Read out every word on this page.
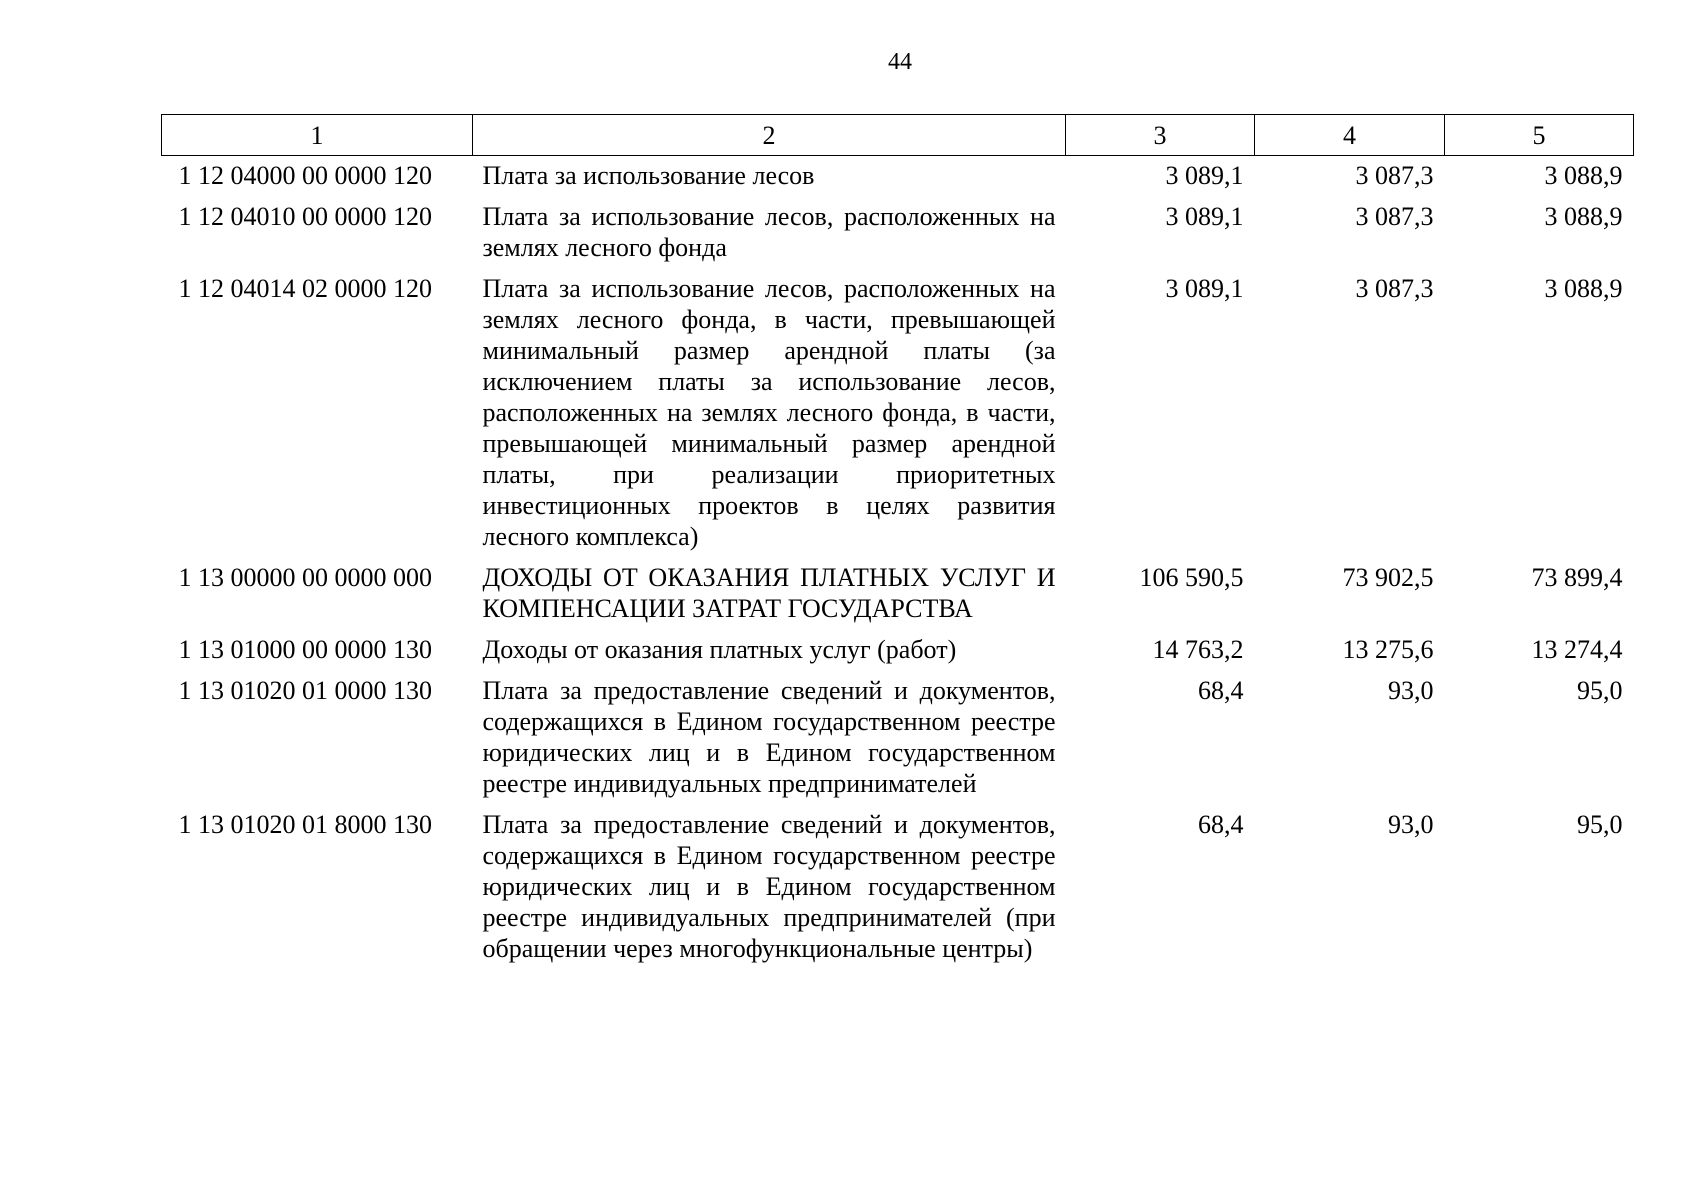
44
1	2	3	4	5
1 12 04000 00 0000 120	Плата за использование лесов	3 089,1	3 087,3	3 088,9
1 12 04010 00 0000 120	Плата за использование лесов, расположенных на землях лесного фонда	3 089,1	3 087,3	3 088,9
1 12 04014 02 0000 120	Плата за использование лесов, расположенных на землях лесного фонда, в части, превышающей минимальный размер арендной платы (за исключением платы за использование лесов, расположенных на землях лесного фонда, в части, превышающей минимальный размер арендной платы, при реализации приоритетных инвестиционных проектов в целях развития лесного комплекса)	3 089,1	3 087,3	3 088,9
1 13 00000 00 0000 000	ДОХОДЫ ОТ ОКАЗАНИЯ ПЛАТНЫХ УСЛУГ И КОМПЕНСАЦИИ ЗАТРАТ ГОСУДАРСТВА	106 590,5	73 902,5	73 899,4
1 13 01000 00 0000 130	Доходы от оказания платных услуг (работ)	14 763,2	13 275,6	13 274,4
1 13 01020 01 0000 130	Плата за предоставление сведений и документов, содержащихся в Едином государственном реестре юридических лиц и в Едином государственном реестре индивидуальных предпринимателей	68,4	93,0	95,0
1 13 01020 01 8000 130	Плата за предоставление сведений и документов, содержащихся в Едином государственном реестре юридических лиц и в Едином государственном реестре индивидуальных предпринимателей (при обращении через многофункциональные центры)	68,4	93,0	95,0
